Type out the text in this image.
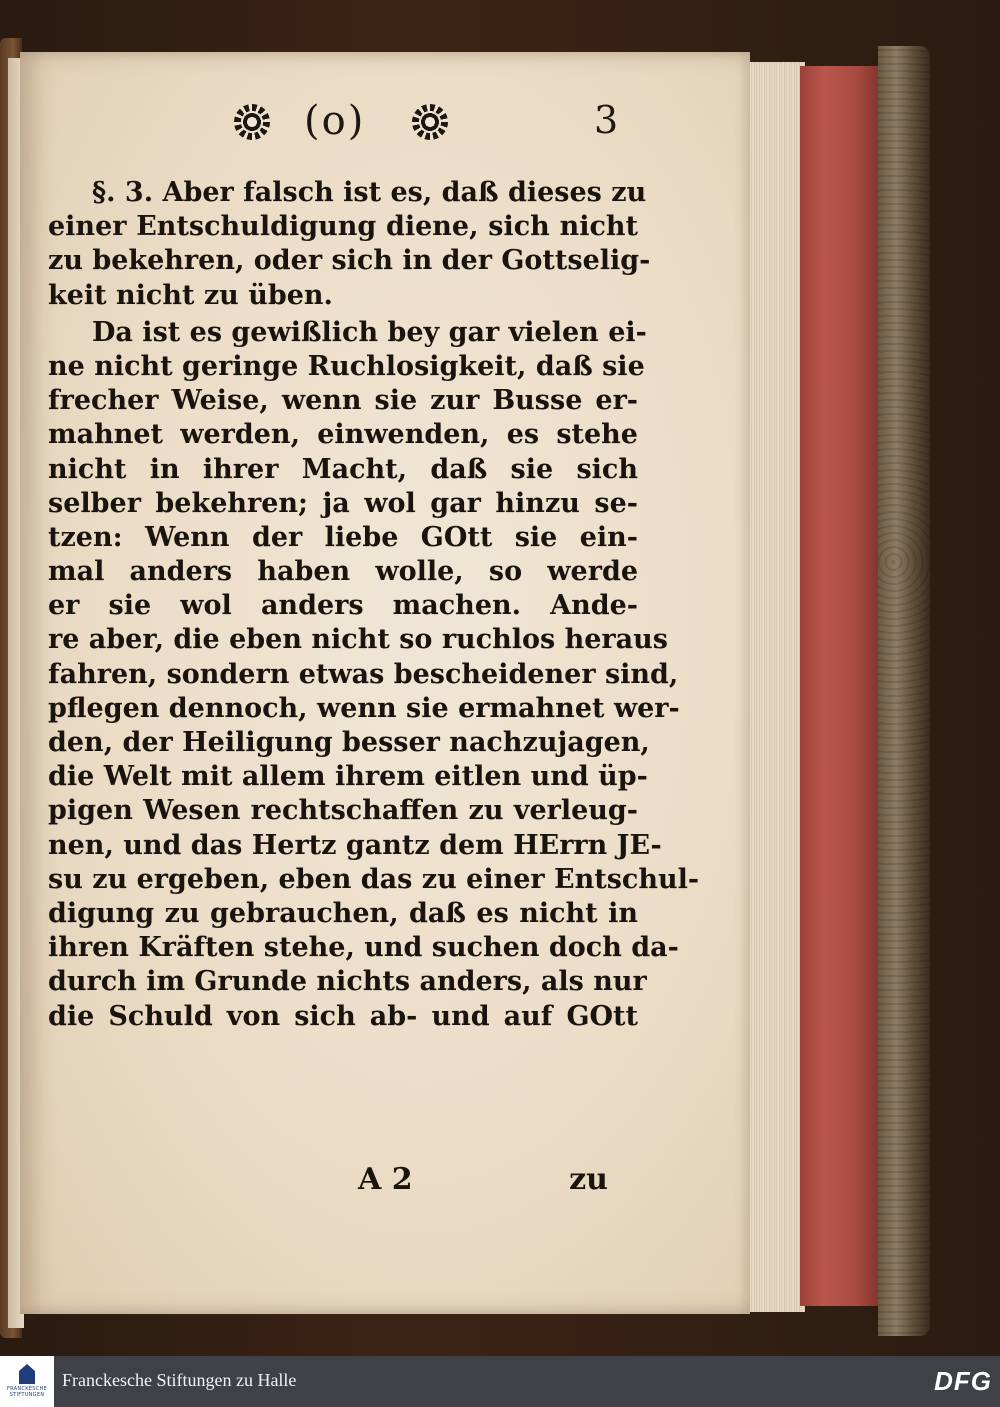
(o)	3
§. 3. Aber falsch ist es, daß dieses zu
einer Entschuldigung diene, sich nicht
zu bekehren, oder sich in der Gottselig-
keit nicht zu üben.
Da ist es gewißlich bey gar vielen ei-
ne nicht geringe Ruchlosigkeit, daß sie
frecher Weise, wenn sie zur Busse er-
mahnet werden, einwenden, es stehe
nicht in ihrer Macht, daß sie sich
selber bekehren; ja wol gar hinzu se-
tzen: Wenn der liebe GOtt sie ein-
mal anders haben wolle, so werde
er sie wol anders machen. Ande-
re aber, die eben nicht so ruchlos heraus
fahren, sondern etwas bescheidener sind,
pflegen dennoch, wenn sie ermahnet wer-
den, der Heiligung besser nachzujagen,
die Welt mit allem ihrem eitlen und üp-
pigen Wesen rechtschaffen zu verleug-
nen, und das Hertz gantz dem HErrn JE-
su zu ergeben, eben das zu einer Entschul-
digung zu gebrauchen, daß es nicht in
ihren Kräften stehe, und suchen doch da-
durch im Grunde nichts anders, als nur
die Schuld von sich ab- und auf GOtt
A 2	zu
FRANCKESCHE STIFTUNGEN
Franckesche Stiftungen zu Halle	DFG
